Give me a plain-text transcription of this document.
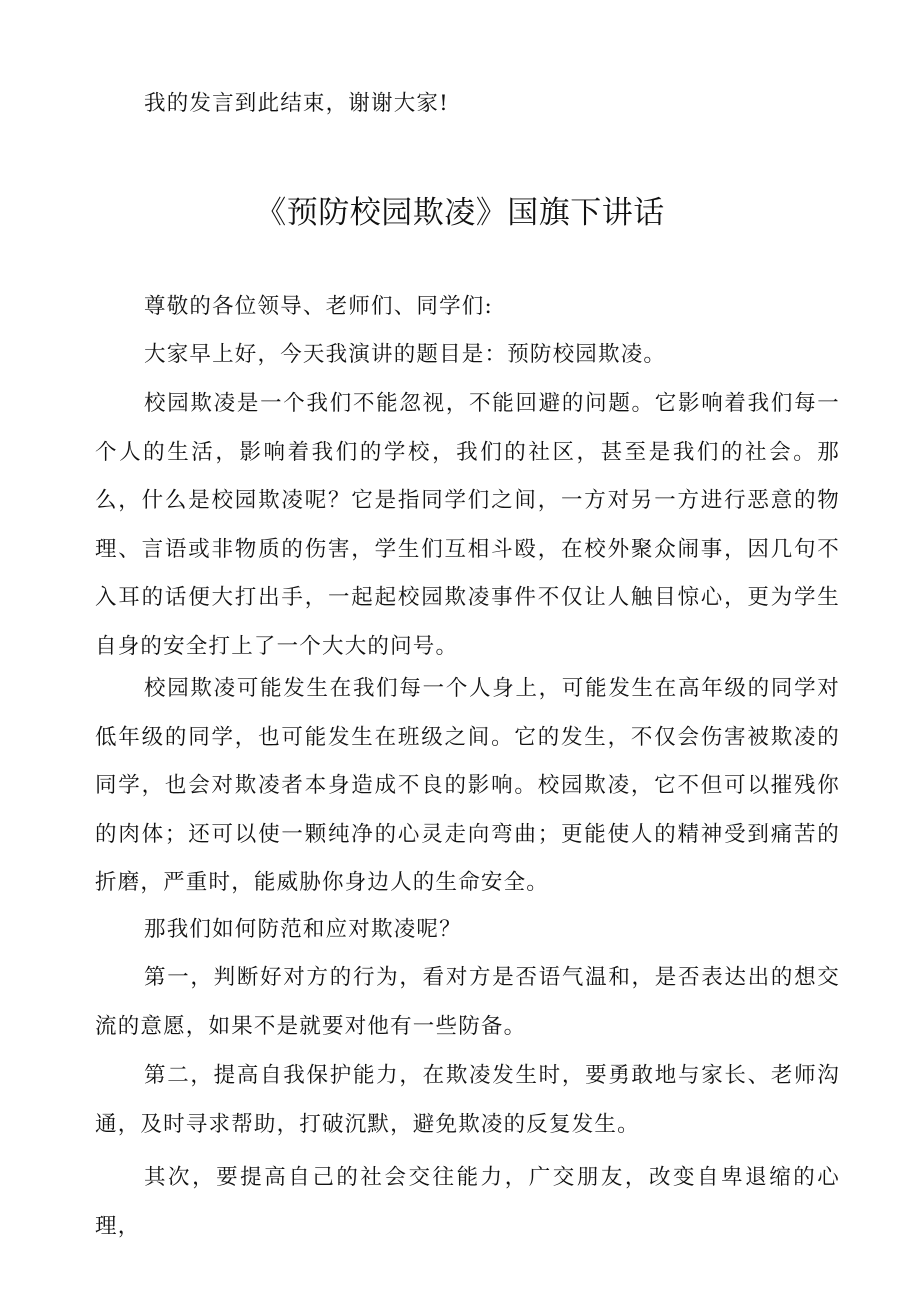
我的发言到此结束，谢谢大家!

《预防校园欺凌》国旗下讲话

尊敬的各位领导、老师们、同学们:

大家早上好，今天我演讲的题目是：预防校园欺凌。

校园欺凌是一个我们不能忽视，不能回避的问题。它影响着我们每一个人的生活，影响着我们的学校，我们的社区，甚至是我们的社会。那么，什么是校园欺凌呢？它是指同学们之间，一方对另一方进行恶意的物理、言语或非物质的伤害，学生们互相斗殴，在校外聚众闹事，因几句不入耳的话便大打出手，一起起校园欺凌事件不仅让人触目惊心，更为学生自身的安全打上了一个大大的问号。

校园欺凌可能发生在我们每一个人身上，可能发生在高年级的同学对低年级的同学，也可能发生在班级之间。它的发生，不仅会伤害被欺凌的同学，也会对欺凌者本身造成不良的影响。校园欺凌，它不但可以摧残你的肉体；还可以使一颗纯净的心灵走向弯曲；更能使人的精神受到痛苦的折磨，严重时，能威胁你身边人的生命安全。

那我们如何防范和应对欺凌呢？

第一，判断好对方的行为，看对方是否语气温和，是否表达出的想交流的意愿，如果不是就要对他有一些防备。

第二，提高自我保护能力，在欺凌发生时，要勇敢地与家长、老师沟通，及时寻求帮助，打破沉默，避免欺凌的反复发生。

其次，要提高自己的社会交往能力，广交朋友，改变自卑退缩的心理，
